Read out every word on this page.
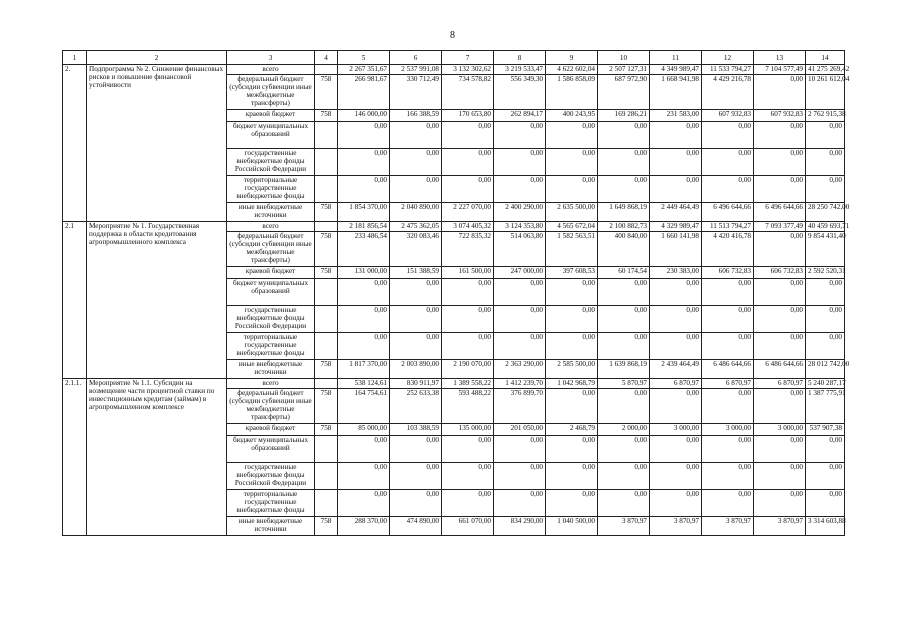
8
1	2	3	4	5	6	7	8	9	10	11	12	13	14
2.	Подпрограмма № 2. Снижение финансовых рисков и повышение финансовой устойчивости	всего		2 267 351,67	2 537 991,08	3 132 302,62	3 219 533,47	4 622 602,04	2 507 127,31	4 349 989,47	11 533 794,27	7 104 577,49	41 275 269,42
		федеральный бюджет (субсидии субвенции иные межбюджетные трансферты)	758	266 981,67	330 712,49	734 578,82	556 349,30	1 586 858,09	687 972,90	1 668 941,98	4 429 216,78	0,00	10 261 612,04
		краевой бюджет	758	146 000,00	166 388,59	170 653,80	262 894,17	400 243,95	169 286,21	231 583,00	607 932,83	607 932,83	2 762 915,38
		бюджет муниципальных образований		0,00	0,00	0,00	0,00	0,00	0,00	0,00	0,00	0,00	0,00
		государственные внебюджетные фонды Российской Федерации		0,00	0,00	0,00	0,00	0,00	0,00	0,00	0,00	0,00	0,00
		территориальные государственные внебюджетные фонды		0,00	0,00	0,00	0,00	0,00	0,00	0,00	0,00	0,00	0,00
		иные внебюджетные источники	758	1 854 370,00	2 040 890,00	2 227 070,00	2 400 290,00	2 635 500,00	1 649 868,19	2 449 464,49	6 496 644,66	6 496 644,66	28 250 742,00
2.1	Мероприятие № 1. Государственная поддержка в области кредитования агропромышленного комплекса	всего		2 181 856,54	2 475 362,05	3 074 405,32	3 124 353,80	4 565 672,04	2 100 882,73	4 329 989,47	11 513 794,27	7 093 377,49	40 459 693,71
		федеральный бюджет (субсидии субвенции иные межбюджетные трансферты)	758	233 486,54	320 083,46	722 835,32	514 063,80	1 582 563,51	400 840,00	1 660 141,98	4 420 416,78	0,00	9 854 431,40
		краевой бюджет	758	131 000,00	151 388,59	161 500,00	247 000,00	397 608,53	60 174,54	230 383,00	606 732,83	606 732,83	2 592 520,31
		бюджет муниципальных образований		0,00	0,00	0,00	0,00	0,00	0,00	0,00	0,00	0,00	0,00
		государственные внебюджетные фонды Российской Федерации		0,00	0,00	0,00	0,00	0,00	0,00	0,00	0,00	0,00	0,00
		территориальные государственные внебюджетные фонды		0,00	0,00	0,00	0,00	0,00	0,00	0,00	0,00	0,00	0,00
		иные внебюджетные источники	758	1 817 370,00	2 003 890,00	2 190 070,00	2 363 290,00	2 585 500,00	1 639 868,19	2 439 464,49	6 486 644,66	6 486 644,66	28 012 742,00
2.1.1.	Мероприятие № 1.1. Субсидии на возмещение части процентной ставки по инвестиционным кредитам (займам) в агропромышленном комплексе	всего		538 124,61	830 911,97	1 389 558,22	1 412 239,70	1 042 968,79	5 870,97	6 870,97	6 870,97	6 870,97	5 240 287,17
		федеральный бюджет (субсидии субвенции иные межбюджетные трансферты)	758	164 754,61	252 633,38	593 488,22	376 899,70	0,00	0,00	0,00	0,00	0,00	1 387 775,91
		краевой бюджет	758	85 000,00	103 388,59	135 000,00	201 050,00	2 468,79	2 000,00	3 000,00	3 000,00	3 000,00	537 907,38
		бюджет муниципальных образований		0,00	0,00	0,00	0,00	0,00	0,00	0,00	0,00	0,00	0,00
		государственные внебюджетные фонды Российской Федерации		0,00	0,00	0,00	0,00	0,00	0,00	0,00	0,00	0,00	0,00
		территориальные государственные внебюджетные фонды		0,00	0,00	0,00	0,00	0,00	0,00	0,00	0,00	0,00	0,00
		иные внебюджетные источники	758	288 370,00	474 890,00	661 070,00	834 290,00	1 040 500,00	3 870,97	3 870,97	3 870,97	3 870,97	3 314 603,88
